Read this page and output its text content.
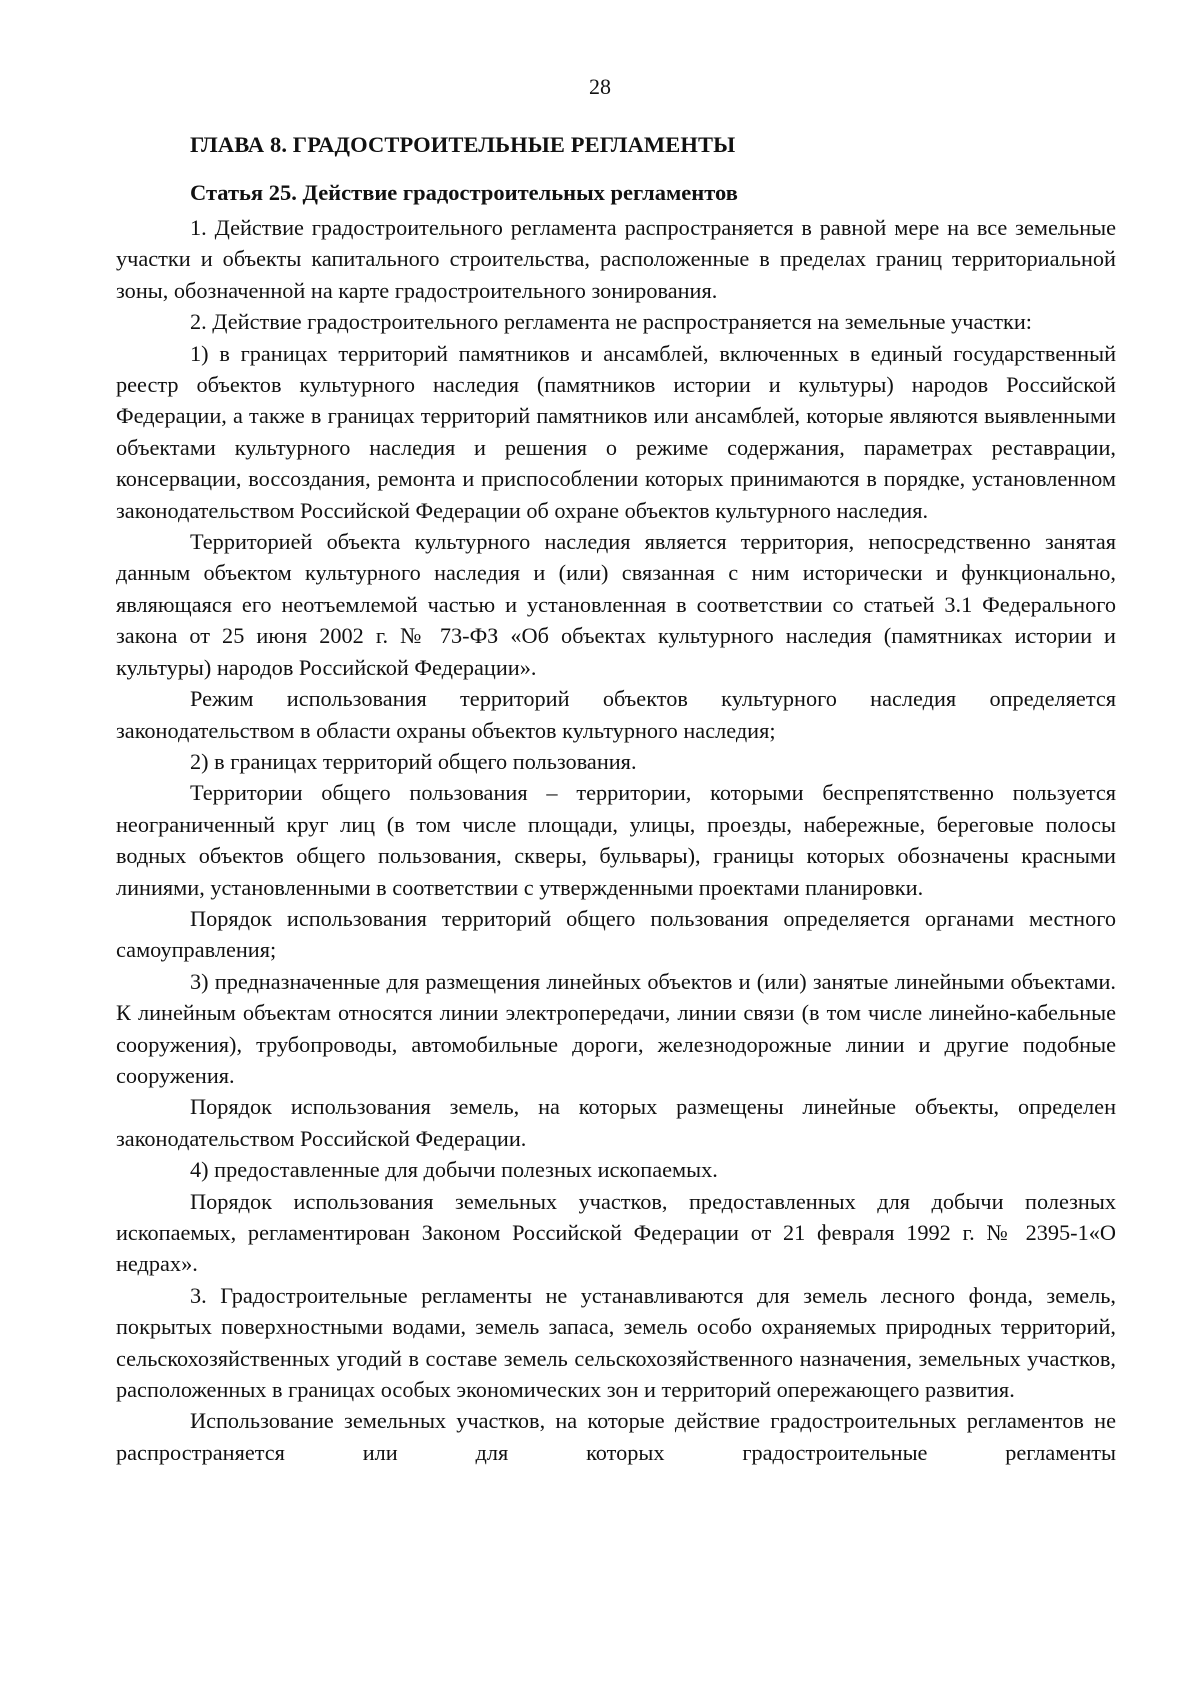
28
ГЛАВА 8. ГРАДОСТРОИТЕЛЬНЫЕ РЕГЛАМЕНТЫ
Статья 25. Действие градостроительных регламентов

1. Действие градостроительного регламента распространяется в равной мере на все земельные участки и объекты капитального строительства, расположенные в пределах границ территориальной зоны, обозначенной на карте градостроительного зонирования.

2. Действие градостроительного регламента не распространяется на земельные участки:

1) в границах территорий памятников и ансамблей, включенных в единый государственный реестр объектов культурного наследия (памятников истории и культуры) народов Российской Федерации, а также в границах территорий памятников или ансамблей, которые являются выявленными объектами культурного наследия и решения о режиме содержания, параметрах реставрации, консервации, воссоздания, ремонта и приспособлении которых принимаются в порядке, установленном законодательством Российской Федерации об охране объектов культурного наследия.

Территорией объекта культурного наследия является территория, непосредственно занятая данным объектом культурного наследия и (или) связанная с ним исторически и функционально, являющаяся его неотъемлемой частью и установленная в соответствии со статьей 3.1 Федерального закона от 25 июня 2002 г. № 73-ФЗ «Об объектах культурного наследия (памятниках истории и культуры) народов Российской Федерации».

Режим использования территорий объектов культурного наследия определяется законодательством в области охраны объектов культурного наследия;

2) в границах территорий общего пользования.

Территории общего пользования – территории, которыми беспрепятственно пользуется неограниченный круг лиц (в том числе площади, улицы, проезды, набережные, береговые полосы водных объектов общего пользования, скверы, бульвары), границы которых обозначены красными линиями, установленными в соответствии с утвержденными проектами планировки.

Порядок использования территорий общего пользования определяется органами местного самоуправления;

3) предназначенные для размещения линейных объектов и (или) занятые линейными объектами. К линейным объектам относятся линии электропередачи, линии связи (в том числе линейно-кабельные сооружения), трубопроводы, автомобильные дороги, железнодорожные линии и другие подобные сооружения.

Порядок использования земель, на которых размещены линейные объекты, определен законодательством Российской Федерации.

4) предоставленные для добычи полезных ископаемых.

Порядок использования земельных участков, предоставленных для добычи полезных ископаемых, регламентирован Законом Российской Федерации от 21 февраля 1992 г. № 2395-1«О недрах».

3. Градостроительные регламенты не устанавливаются для земель лесного фонда, земель, покрытых поверхностными водами, земель запаса, земель особо охраняемых природных территорий, сельскохозяйственных угодий в составе земель сельскохозяйственного назначения, земельных участков, расположенных в границах особых экономических зон и территорий опережающего развития.

Использование земельных участков, на которые действие градостроительных регламентов не распространяется или для которых градостроительные регламенты
